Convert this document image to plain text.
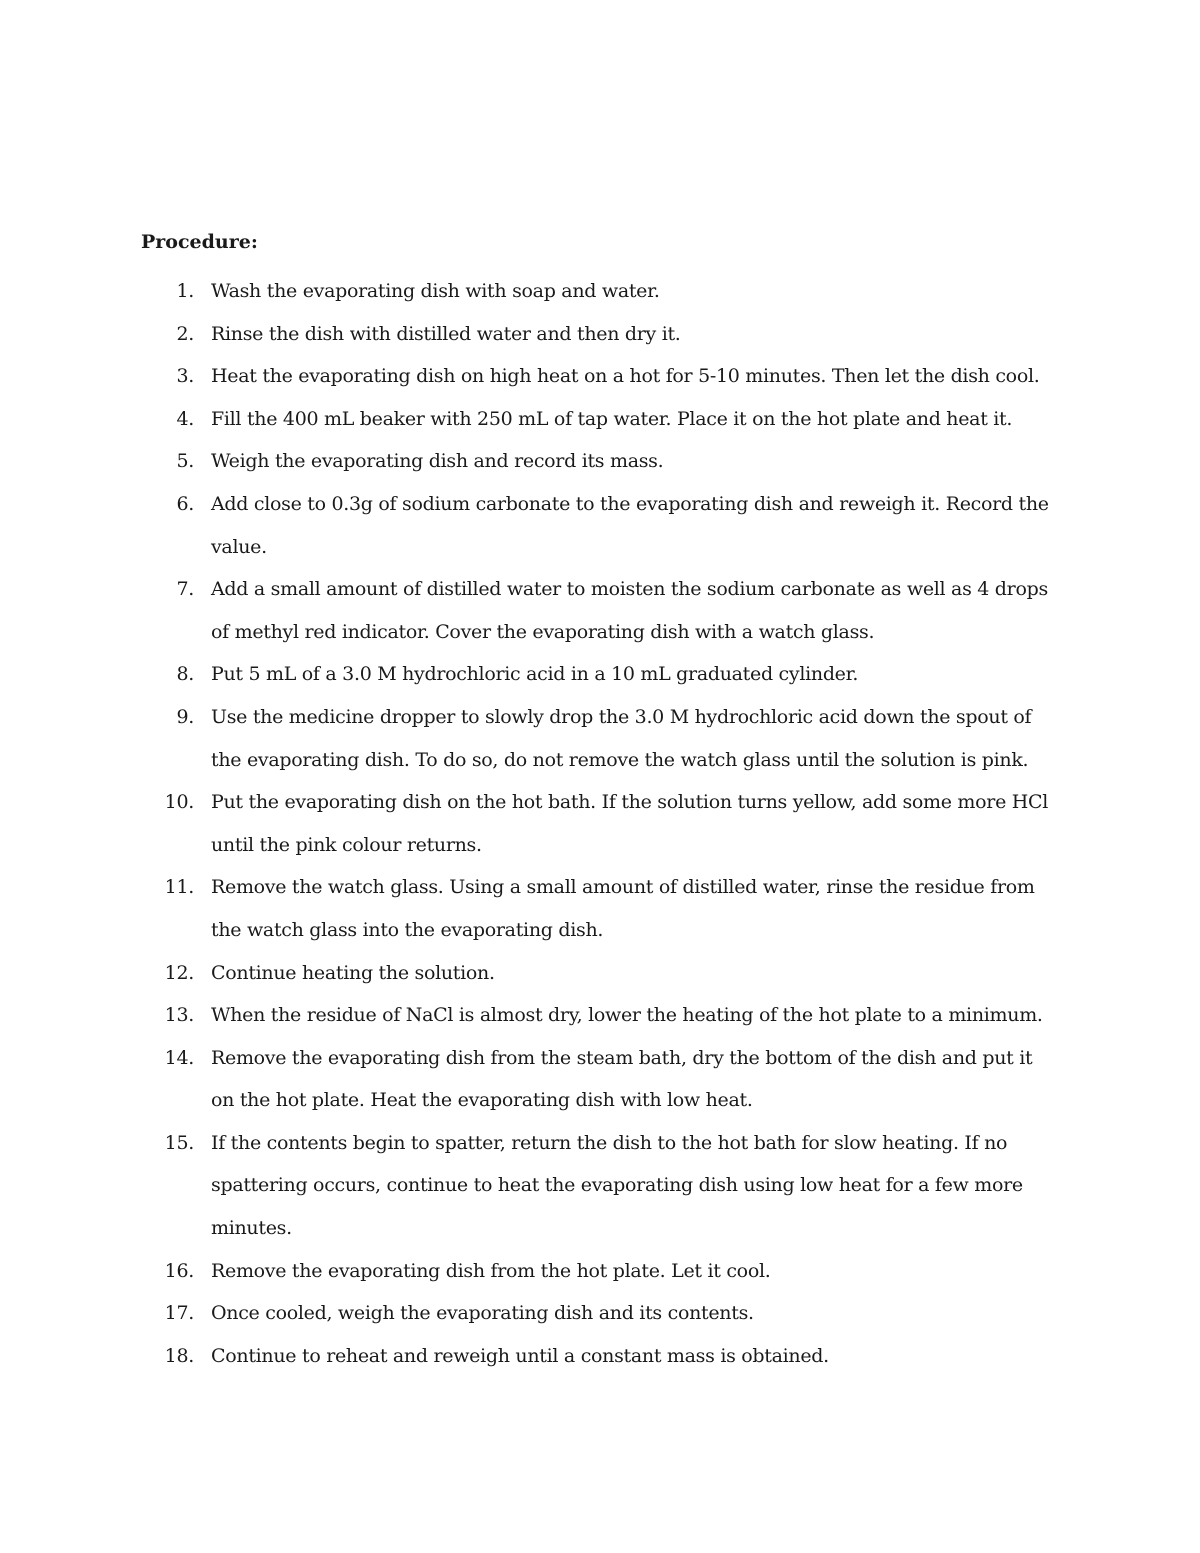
Procedure:
1. Wash the evaporating dish with soap and water.
2. Rinse the dish with distilled water and then dry it.
3. Heat the evaporating dish on high heat on a hot for 5-10 minutes. Then let the dish cool.
4. Fill the 400 mL beaker with 250 mL of tap water. Place it on the hot plate and heat it.
5. Weigh the evaporating dish and record its mass.
6. Add close to 0.3g of sodium carbonate to the evaporating dish and reweigh it. Record the value.
7. Add a small amount of distilled water to moisten the sodium carbonate as well as 4 drops of methyl red indicator. Cover the evaporating dish with a watch glass.
8. Put 5 mL of a 3.0 M hydrochloric acid in a 10 mL graduated cylinder.
9. Use the medicine dropper to slowly drop the 3.0 M hydrochloric acid down the spout of the evaporating dish. To do so, do not remove the watch glass until the solution is pink.
10. Put the evaporating dish on the hot bath. If the solution turns yellow, add some more HCl until the pink colour returns.
11. Remove the watch glass. Using a small amount of distilled water, rinse the residue from the watch glass into the evaporating dish.
12. Continue heating the solution.
13. When the residue of NaCl is almost dry, lower the heating of the hot plate to a minimum.
14. Remove the evaporating dish from the steam bath, dry the bottom of the dish and put it on the hot plate. Heat the evaporating dish with low heat.
15. If the contents begin to spatter, return the dish to the hot bath for slow heating. If no spattering occurs, continue to heat the evaporating dish using low heat for a few more minutes.
16. Remove the evaporating dish from the hot plate. Let it cool.
17. Once cooled, weigh the evaporating dish and its contents.
18. Continue to reheat and reweigh until a constant mass is obtained.
